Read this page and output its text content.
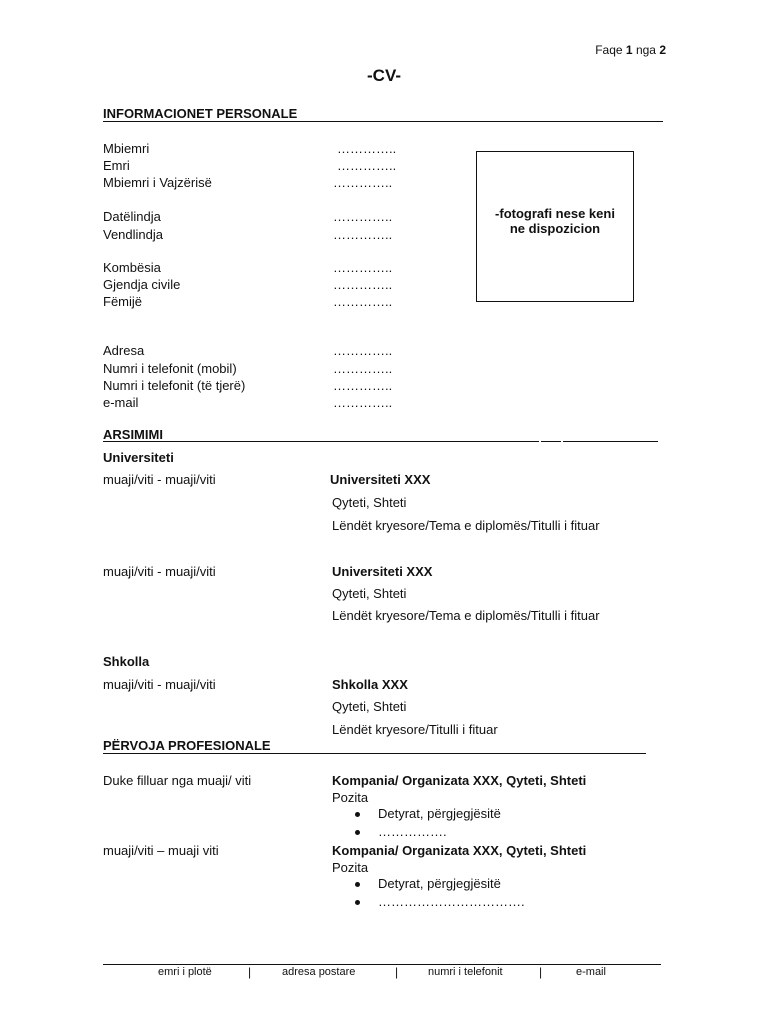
Faqe 1 nga 2
-CV-
INFORMACIONET PERSONALE
Mbiemri	…………..
Emri	…………..
Mbiemri i Vajzërisë	…………..
Datëlindja	…………..
Vendlindja	…………..
Kombësia	…………..
Gjendja civile	…………..
Fëmijë	…………..
Adresa	…………..
Numri i telefonit (mobil)	…………..
Numri i telefonit (të tjerë)	…………..
e-mail	…………..
-fotografi nese keni
ne dispozicion
ARSIMIMI
Universiteti
muaji/viti - muaji/viti	Universiteti XXX
Qyteti, Shteti
Lëndët kryesore/Tema e diplomës/Titulli i fituar
muaji/viti - muaji/viti	Universiteti XXX
Qyteti, Shteti
Lëndët kryesore/Tema e diplomës/Titulli i fituar
Shkolla
muaji/viti - muaji/viti	Shkolla XXX
Qyteti, Shteti
Lëndët kryesore/Titulli i fituar
PËRVOJA PROFESIONALE
Duke filluar nga muaji/ viti	Kompania/ Organizata XXX, Qyteti, Shteti
Pozita
Detyrat, përgjegjësitë
…………….
muaji/viti – muaji viti	Kompania/ Organizata XXX, Qyteti, Shteti
Pozita
Detyrat, përgjegjësitë
…………………………….
emri i plotë	|	adresa postare	|	numri i telefonit	|	e-mail
